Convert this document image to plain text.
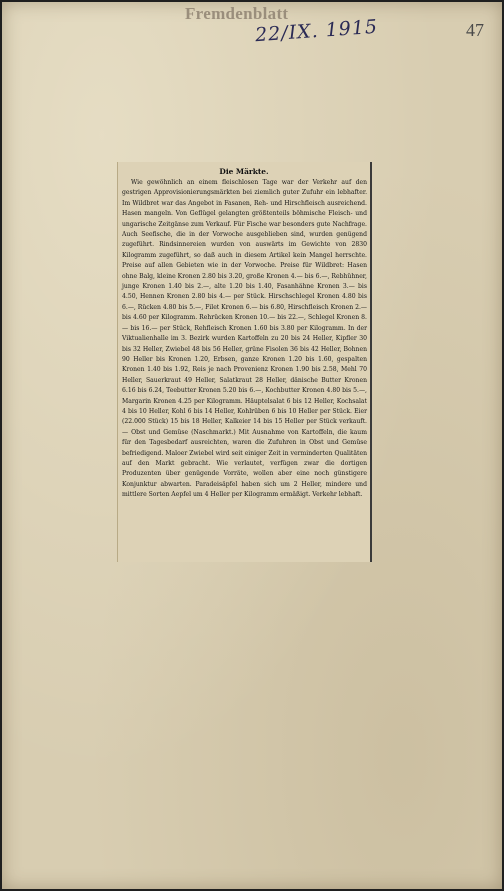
Fremdenblatt
22/IX. 1915	47
Die Märkte.
Wie gewöhnlich an einem fleischlosen Tage war der Verkehr auf den gestrigen Approvisionierungsmärkten bei ziemlich guter Zufuhr ein lebhafter. Im Wildbret war das Angebot in Fasanen, Reh- und Hirschfleisch ausreichend. Hasen mangeln. Von Geflügel gelangten größtenteils böhmische Fleisch- und ungarische Zeitgänse zum Verkauf. Für Fische war besonders gute Nachfrage. Auch Seefische, die in der Vorwoche ausgeblieben sind, wurden genügend zugeführt. Rindsinnereien wurden von auswärts im Gewichte von 2830 Kilogramm zugeführt, so daß auch in diesem Artikel kein Mangel herrschte. Preise auf allen Gebieten wie in der Vorwoche. Preise für Wildbret: Hasen ohne Balg, kleine Kronen 2.80 bis 3.20, große Kronen 4.— bis 6.—, Rebhühner, junge Kronen 1.40 bis 2.—, alte 1.20 bis 1.40, Fasanhähne Kronen 3.— bis 4.50, Hennen Kronen 2.80 bis 4.— per Stück. Hirschschlegel Kronen 4.80 bis 6.—, Rücken 4.80 bis 5.—, Filet Kronen 6.— bis 6.80, Hirschfleisch Kronen 2.— bis 4.60 per Kilogramm. Rehrücken Kronen 10.— bis 22.—, Schlegel Kronen 8.— bis 16.— per Stück, Rehfleisch Kronen 1.60 bis 3.80 per Kilogramm. In der Viktualienhalle im 3. Bezirk wurden Kartoffeln zu 20 bis 24 Heller, Kipfler 30 bis 32 Heller, Zwiebel 48 bis 56 Heller, grüne Fisolen 36 bis 42 Heller, Bohnen 90 Heller bis Kronen 1.20, Erbsen, ganze Kronen 1.20 bis 1.60, gespalten Kronen 1.40 bis 1.92, Reis je nach Provenienz Kronen 1.90 bis 2.58, Mehl 70 Heller, Sauerkraut 49 Heller, Salatkraut 28 Heller, dänische Butter Kronen 6.16 bis 6.24, Teebutter Kronen 5.20 bis 6.—, Kochbutter Kronen 4.80 bis 5.—, Margarin Kronen 4.25 per Kilogramm. Häuptelsalat 6 bis 12 Heller, Kochsalat 4 bis 10 Heller, Kohl 6 bis 14 Heller, Kohlrüben 6 bis 10 Heller per Stück. Eier (22.000 Stück) 15 bis 18 Heller, Kalkeier 14 bis 15 Heller per Stück verkauft. — Obst und Gemüse (Naschmarkt.) Mit Ausnahme von Kartoffeln, die kaum für den Tagesbedarf ausreichten, waren die Zufuhren in Obst und Gemüse befriedigend. Maloer Zwiebel wird seit einiger Zeit in verminderten Qualitäten auf den Markt gebracht. Wie verlautet, verfügen zwar die dortigen Produzenten über genügende Vorräte, wollen aber eine noch günstigere Konjunktur abwarten. Paradeisäpfel haben sich um 2 Heller, mindere und mittlere Sorten Aepfel um 4 Heller per Kilogramm ermäßigt. Verkehr lebhaft.
